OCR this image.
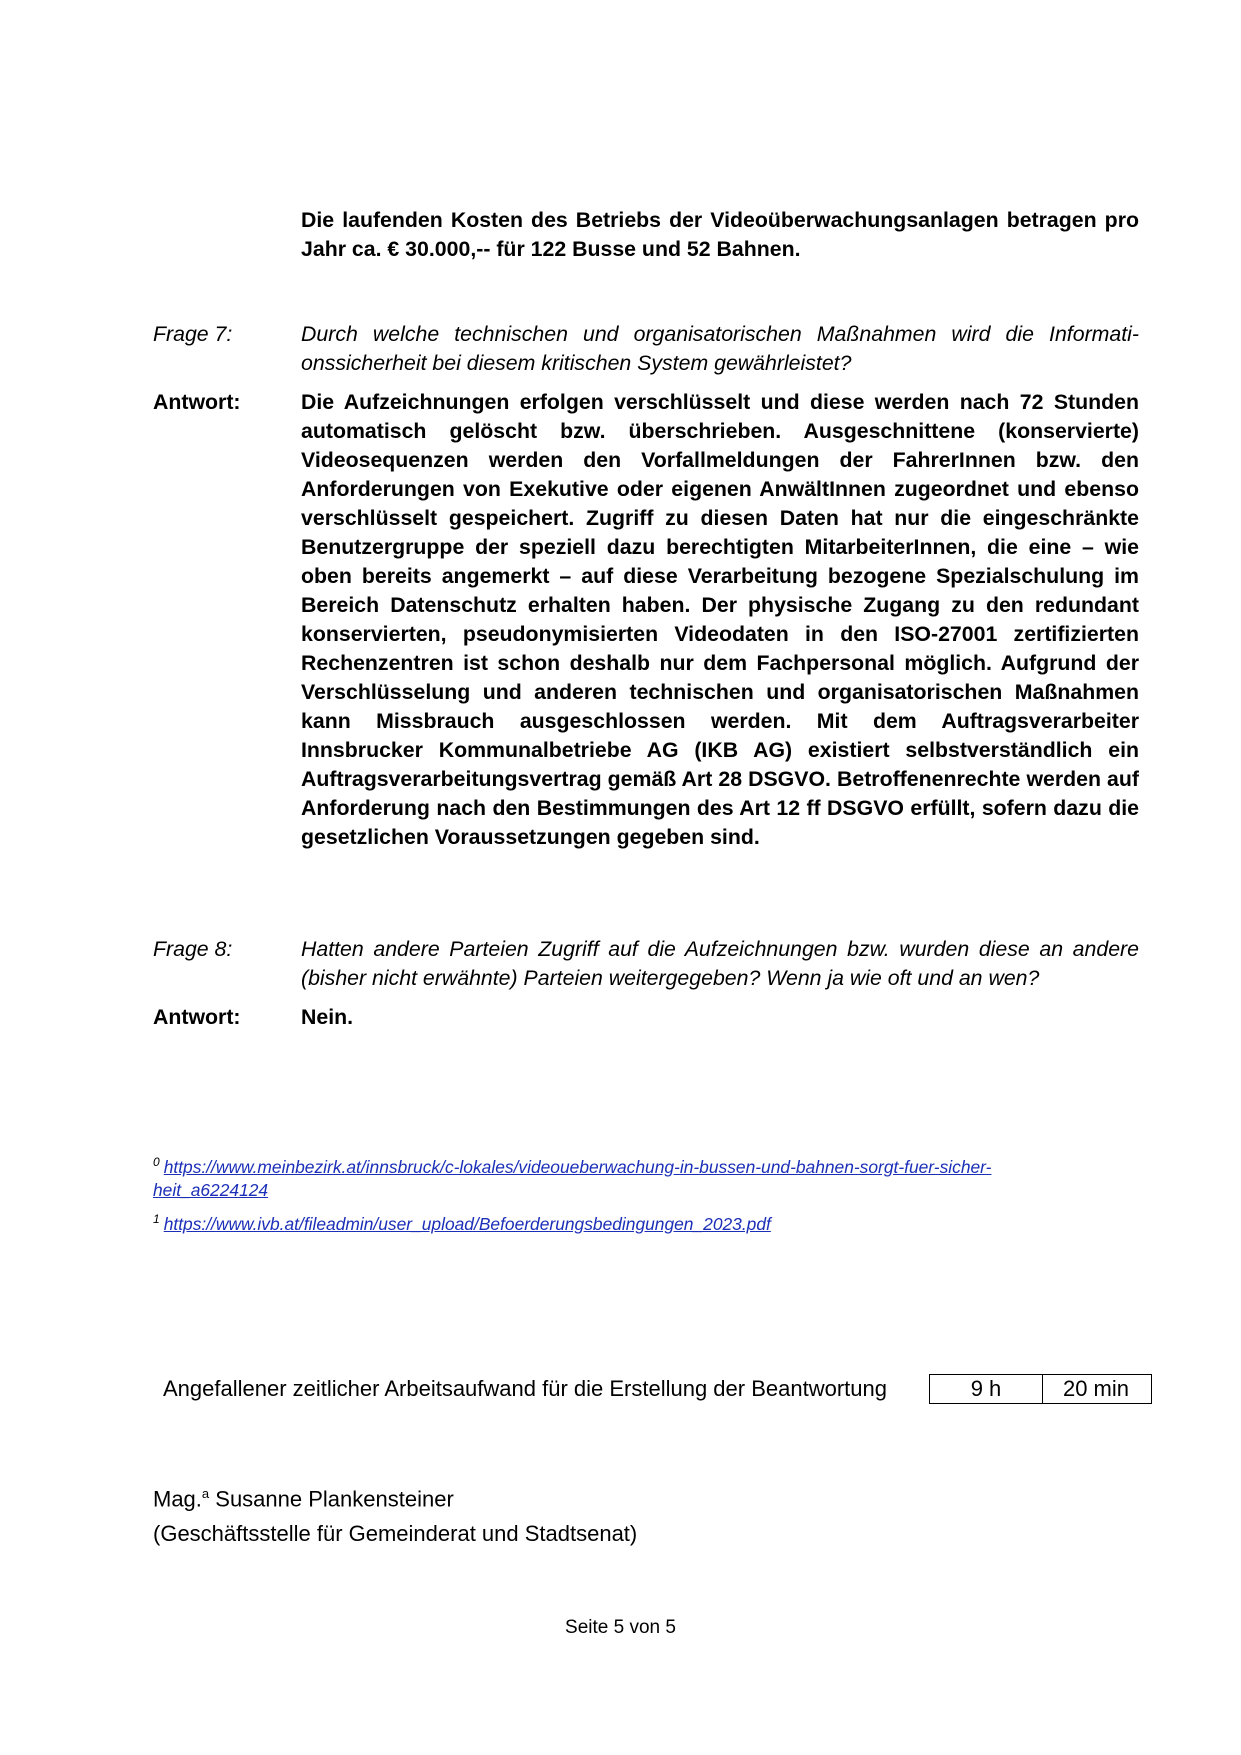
Die laufenden Kosten des Betriebs der Videoüberwachungsanlagen betragen pro Jahr ca. € 30.000,-- für 122 Busse und 52 Bahnen.

Frage 7:	Durch welche technischen und organisatorischen Maßnahmen wird die Informationssicherheit bei diesem kritischen System gewährleistet?

Antwort:	Die Aufzeichnungen erfolgen verschlüsselt und diese werden nach 72 Stunden automatisch gelöscht bzw. überschrieben. Ausgeschnittene (konservierte) Videosequenzen werden den Vorfallmeldungen der FahrerInnen bzw. den Anforderungen von Exekutive oder eigenen AnwältInnen zugeordnet und ebenso verschlüsselt gespeichert. Zugriff zu diesen Daten hat nur die eingeschränkte Benutzergruppe der speziell dazu berechtigten MitarbeiterInnen, die eine – wie oben bereits angemerkt – auf diese Verarbeitung bezogene Spezialschulung im Bereich Datenschutz erhalten haben. Der physische Zugang zu den redundant konservierten, pseudonymisierten Videodaten in den ISO-27001 zertifizierten Rechenzentren ist schon deshalb nur dem Fachpersonal möglich. Aufgrund der Verschlüsselung und anderen technischen und organisatorischen Maßnahmen kann Missbrauch ausgeschlossen werden. Mit dem Auftragsverarbeiter Innsbrucker Kommunalbetriebe AG (IKB AG) existiert selbstverständlich ein Auftragsverarbeitungsvertrag gemäß Art 28 DSGVO. Betroffenenrechte werden auf Anforderung nach den Bestimmungen des Art 12 ff DSGVO erfüllt, sofern dazu die gesetzlichen Voraussetzungen gegeben sind.

Frage 8:	Hatten andere Parteien Zugriff auf die Aufzeichnungen bzw. wurden diese an andere (bisher nicht erwähnte) Parteien weitergegeben? Wenn ja wie oft und an wen?

Antwort:	Nein.

$^0$ https://www.meinbezirk.at/innsbruck/c-lokales/videoueberwachung-in-bussen-und-bahnen-sorgt-fuer-sicher-heit_a6224124

$^1$ https://www.ivb.at/fileadmin/user_upload/Befoerderungsbedingungen_2023.pdf

Angefallener zeitlicher Arbeitsaufwand für die Erstellung der Beantwortung	9 h	20 min

Mag.$^a$ Susanne Plankensteiner

(Geschäftsstelle für Gemeinderat und Stadtsenat)

Seite 5 von 5
